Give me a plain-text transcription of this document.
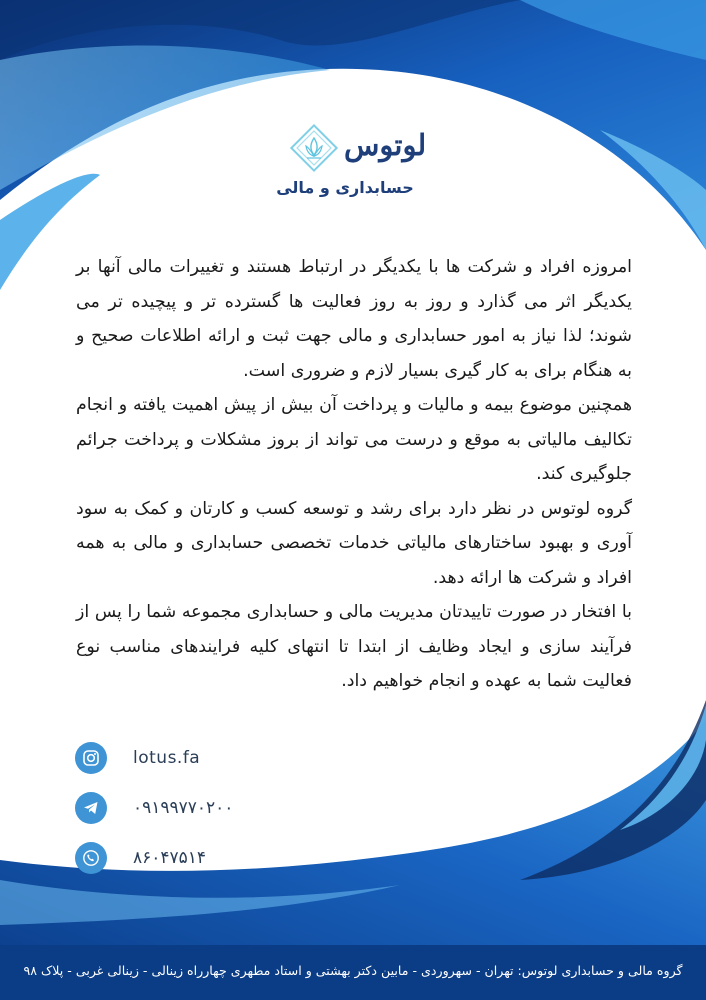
لوتوس
حسابداری و مالی

امروزه افراد و شرکت ها با یکدیگر در ارتباط هستند و تغییرات مالی آنها بر یکدیگر اثر می گذارد و روز به روز فعالیت ها گسترده تر و پیچیده تر می شوند؛ لذا نیاز به امور حسابداری و مالی جهت ثبت و ارائه اطلاعات صحیح و به هنگام برای به کار گیری بسیار لازم و ضروری است.

همچنین موضوع بیمه و مالیات و پرداخت آن بیش از پیش اهمیت یافته و انجام تکالیف مالیاتی به موقع و درست می تواند از بروز مشکلات و پرداخت جرائم جلوگیری کند.

گروه لوتوس در نظر دارد برای رشد و توسعه کسب و کارتان و کمک به سود آوری و بهبود ساختارهای مالیاتی خدمات تخصصی حسابداری و مالی به همه افراد و شرکت ها ارائه دهد.

با افتخار در صورت تاییدتان مدیریت مالی و حسابداری مجموعه شما را پس از فرآیند سازی و ایجاد وظایف از ابتدا تا انتهای کلیه فرایندهای مناسب نوع فعالیت شما به عهده و انجام خواهیم داد.

lotus.fa
۰۹۱۹۹۷۷۰۲۰۰
۸۶۰۴۷۵۱۴
گروه مالی و حسابداری لوتوس: تهران - سهروردی - مابین دکتر بهشتی و استاد مطهری چهارراه زینالی - زینالی غربی - پلاک ۹۸
